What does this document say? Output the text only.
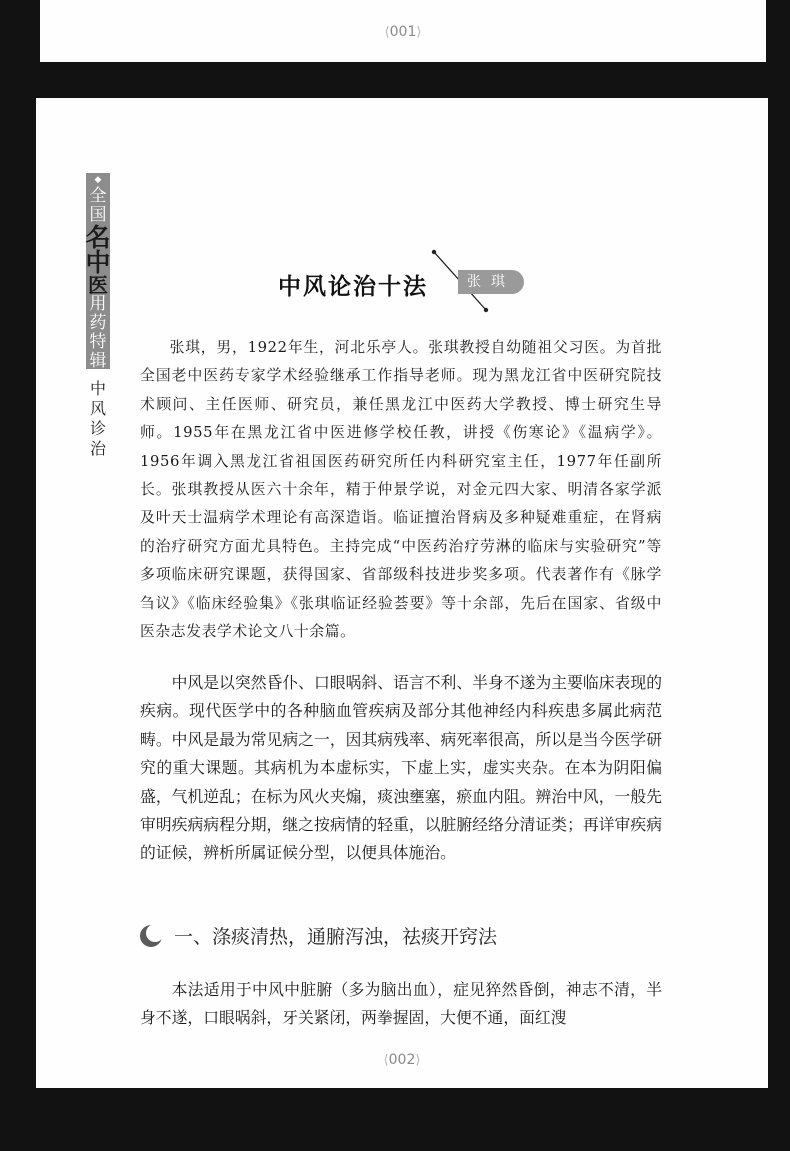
⟨001⟩
◆
全
国
名
中
医
用
药
特
辑
◆
中
风
诊
治
中风论治十法	张琪

张琪，男，1922年生，河北乐亭人。张琪教授自幼随祖父习医。为首批全国老中医药专家学术经验继承工作指导老师。现为黑龙江省中医研究院技术顾问、主任医师、研究员，兼任黑龙江中医药大学教授、博士研究生导师。1955年在黑龙江省中医进修学校任教，讲授《伤寒论》《温病学》。1956年调入黑龙江省祖国医药研究所任内科研究室主任，1977年任副所长。张琪教授从医六十余年，精于仲景学说，对金元四大家、明清各家学派及叶天士温病学术理论有高深造诣。临证擅治肾病及多种疑难重症，在肾病的治疗研究方面尤具特色。主持完成“中医药治疗劳淋的临床与实验研究”等多项临床研究课题，获得国家、省部级科技进步奖多项。代表著作有《脉学刍议》《临床经验集》《张琪临证经验荟要》等十余部，先后在国家、省级中医杂志发表学术论文八十余篇。

中风是以突然昏仆、口眼㖞斜、语言不利、半身不遂为主要临床表现的疾病。现代医学中的各种脑血管疾病及部分其他神经内科疾患多属此病范畴。中风是最为常见病之一，因其病残率、病死率很高，所以是当今医学研究的重大课题。其病机为本虚标实，下虚上实，虚实夹杂。在本为阴阳偏盛，气机逆乱；在标为风火夹煽，痰浊壅塞，瘀血内阻。辨治中风，一般先审明疾病病程分期，继之按病情的轻重，以脏腑经络分清证类；再详审疾病的证候，辨析所属证候分型，以便具体施治。

一、涤痰清热，通腑泻浊，祛痰开窍法

本法适用于中风中脏腑（多为脑出血），症见猝然昏倒，神志不清，半身不遂，口眼㖞斜，牙关紧闭，两拳握固，大便不通，面红溲

⟨002⟩
